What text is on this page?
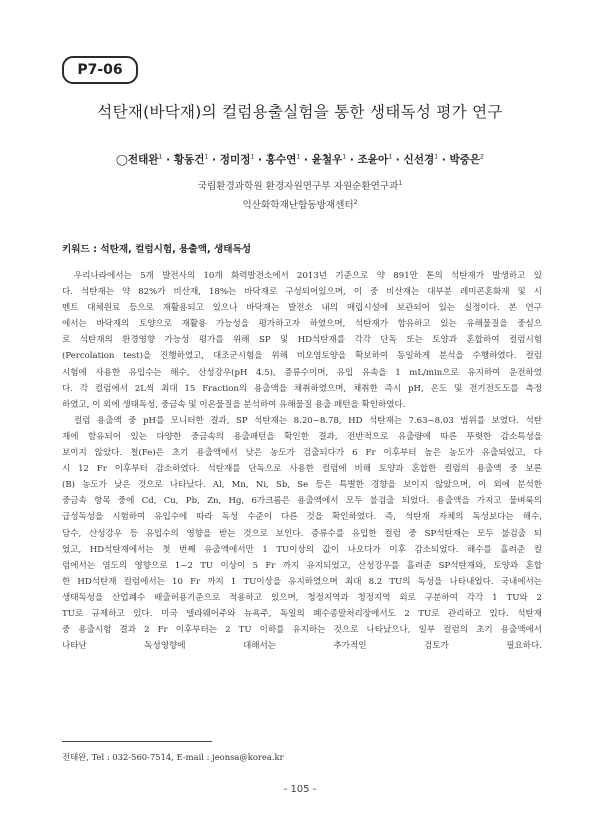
P7-06
석탄재(바닥재)의 컬럼용출실험을 통한 생태독성 평가 연구
◯전태완$^1$ · 황동건$^1$ · 정미정$^1$ · 홍수연$^1$ · 윤철우$^1$ · 조윤아$^1$ · 신선경$^1$ · 박중은$^2$
국립환경과학원 환경자원연구부 자원순환연구과$^1$
익산화학재난합동방재센터$^2$
키워드 : 석탄재, 컬럼시험, 용출액, 생태독성
우리나라에서는 5개 발전사의 10개 화력발전소에서 2013년 기준으로 약 891만 톤의 석탄재가 발생하고 있
다. 석탄재는 약 82%가 비산재, 18%는 바닥재로 구성되어있으며, 이 중 비산재는 대부분 레미콘혼화재 및 시
멘트 대체원료 등으로 재활용되고 있으나 바닥재는 발전소 내의 매립시설에 보관되어 있는 실정이다. 본 연구
에서는 바닥재의 토양으로 재활용 가능성을 평가하고자 하였으며, 석탄재가 함유하고 있는 유해물질을 중심으
로 석탄재의 환경영향 가능성 평가를 위해 SP 및 HD석탄재를 각각 단독 또는 토양과 혼합하여 컬럼시험
(Percolation test)을 진행하였고, 대조군시험을 위해 비오염토양을 확보하여 동일하게 분석을 수행하였다. 컬럼
시험에 사용한 유입수는 해수, 산성강우(pH 4.5), 증류수이며, 유입 유속을 1 mL/min으로 유지하여 운전하였
다. 각 컬럼에서 2L씩 최대 15 Fraction의 용출액을 채취하였으며, 채취한 즉시 pH, 온도 및 전기전도도를 측정
하였고, 이 외에 생태독성, 중금속 및 이온물질을 분석하여 유해물질 용출 패턴을 확인하였다.
컬럼 용출액 중 pH를 모니터한 결과, SP 석탄재는 8.20~8.78, HD 석탄재는 7.63~8.03 범위를 보였다. 석탄
재에 함유되어 있는 다양한 중금속의 용출패턴을 확인한 결과, 전반적으로 유출량에 따른 뚜렷한 감소특성을
보이지 않았다. 철(Fe)은 초기 용출액에서 낮은 농도가 검출되다가 6 Fr 이후부터 높은 농도가 유출되었고, 다
시 12 Fr 이후부터 감소하였다. 석탄재를 단독으로 사용한 컬럼에 비해 토양과 혼합한 컬럼의 용출액 중 보론
(B) 농도가 낮은 것으로 나타났다. Al, Mn, Ni, Sb, Se 등은 특별한 경향을 보이지 않았으며, 이 외에 분석한
중금속 항목 중에 Cd, Cu, Pb, Zn, Hg, 6가크롬은 용출액에서 모두 불검출 되었다. 용출액을 가지고 물벼룩의
급성독성을 시험하여 유입수에 따라 독성 수준이 다른 것을 확인하였다. 즉, 석탄재 자체의 독성보다는 해수,
담수, 산성강우 등 유입수의 영향을 받는 것으로 보인다. 증류수를 유입한 컬럼 중 SP석탄재는 모두 불검출 되
었고, HD석탄재에서는 첫 번째 유출액에서만 1 TU이상의 값이 나오다가 이후 감소되었다. 해수를 흘려준 컬
럼에서는 염도의 영향으로 1~2 TU 이상이 5 Fr 까지 유지되었고, 산성강우를 흘려준 SP석탄재와, 토양과 혼합
한 HD석탄재 컬럼에서는 10 Fr 까지 1 TU이상을 유지하였으며 최대 8.2 TU의 독성을 나타내었다. 국내에서는
생태독성을 산업폐수 배출허용기준으로 적용하고 있으며, 청정지역과 청정지역 외로 구분하여 각각 1 TU와 2
TU로 규제하고 있다. 미국 델라웨어주와 뉴욕주, 독일의 폐수종말처리장에서도 2 TU로 관리하고 있다. 석탄재
중 용출시험 결과 2 Fr 이후부터는 2 TU 이하를 유지하는 것으로 나타났으나, 일부 컬럼의 초기 용출액에서
나타난 독성영향에 대해서는 추가적인 검토가 필요하다.
전태완, Tel : 032-560-7514, E-mail : jeonsa@korea.kr
- 105 -
